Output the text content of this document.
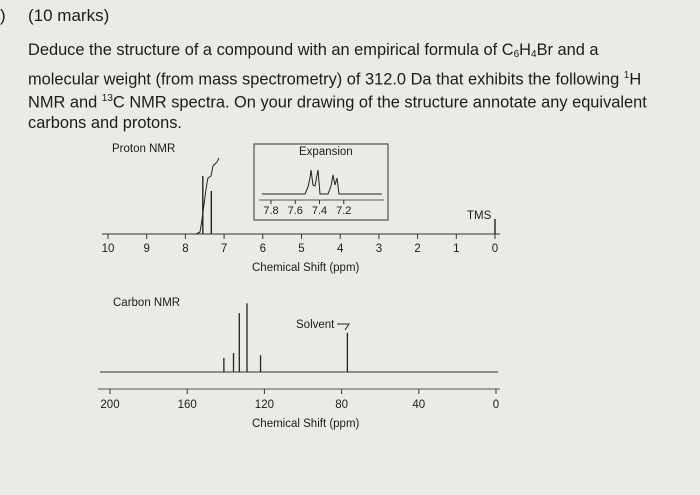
) (10 marks)

Deduce the structure of a compound with an empirical formula of $C_6H_4Br$ and a molecular weight (from mass spectrometry) of 312.0 Da that exhibits the following $^1$H NMR and $^{13}$C NMR spectra. On your drawing of the structure annotate any equivalent carbons and protons.

Proton NMR	Expansion
7.8 7.6 7.4 7.2	TMS
10	9	8	7	6	5	4	3	2	1	0
Chemical Shift (ppm)
Carbon NMR
Solvent
200	160	120	80	40	0
Chemical Shift (ppm)
